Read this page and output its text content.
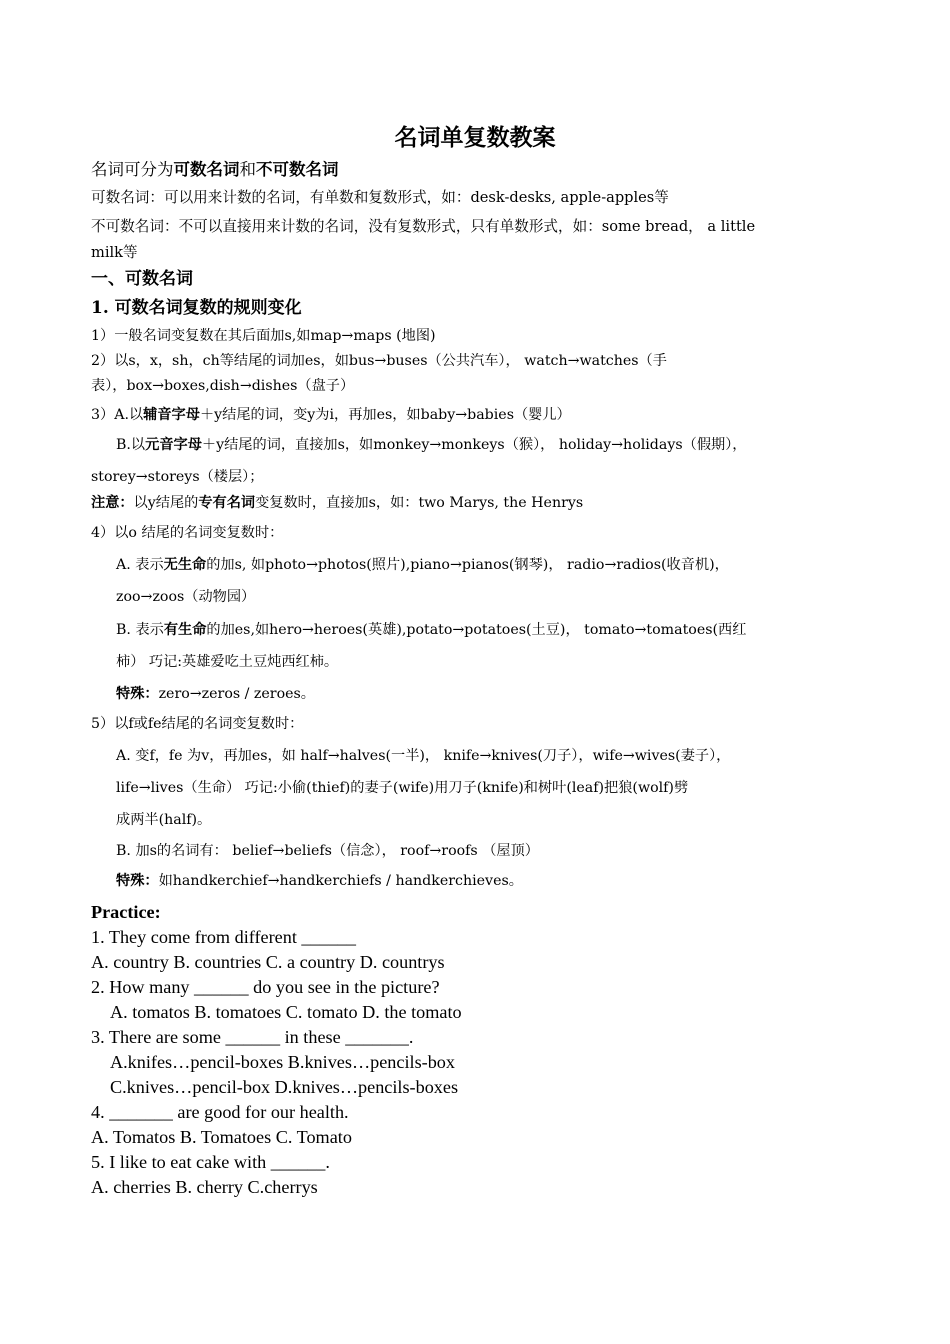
名词单复数教案
名词可分为可数名词和不可数名词
可数名词：可以用来计数的名词，有单数和复数形式，如：desk-desks, apple-apples等
不可数名词：不可以直接用来计数的名词，没有复数形式，只有单数形式，如：some bread， a little
milk等
一、可数名词
1. 可数名词复数的规则变化
1）一般名词变复数在其后面加s,如map→maps (地图)
2）以s，x，sh，ch等结尾的词加es，如bus→buses（公共汽车）， watch→watches（手
表），box→boxes,dish→dishes（盘子）
3）A.以辅音字母＋y结尾的词，变y为i，再加es，如baby→babies（婴儿）
B.以元音字母＋y结尾的词，直接加s，如monkey→monkeys（猴）， holiday→holidays（假期），
storey→storeys（楼层）；
注意：以y结尾的专有名词变复数时，直接加s，如：two Marys, the Henrys
4）以o 结尾的名词变复数时：
A. 表示无生命的加s, 如photo→photos(照片),piano→pianos(钢琴)， radio→radios(收音机)，
zoo→zoos（动物园）
B. 表示有生命的加es,如hero→heroes(英雄),potato→potatoes(土豆)， tomato→tomatoes(西红
柿） 巧记:英雄爱吃土豆炖西红柿。
特殊：zero→zeros / zeroes。
5）以f或fe结尾的名词变复数时：
A. 变f，fe 为v，再加es，如 half→halves(一半)， knife→knives(刀子），wife→wives(妻子），
life→lives（生命） 巧记:小偷(thief)的妻子(wife)用刀子(knife)和树叶(leaf)把狼(wolf)劈
成两半(half)。
B. 加s的名词有： belief→beliefs（信念）， roof→roofs （屋顶）
特殊：如handkerchief→handkerchiefs / handkerchieves。
Practice:
1. They come from different ______
A. country B. countries C. a country D. countrys
2. How many ______ do you see in the picture?
A. tomatos B. tomatoes C. tomato D. the tomato
3. There are some ______ in these _______.
A.knifes…pencil-boxes B.knives…pencils-box
C.knives…pencil-box D.knives…pencils-boxes
4. _______ are good for our health.
A. Tomatos B. Tomatoes C. Tomato
5. I like to eat cake with ______.
A. cherries B. cherry C.cherrys
